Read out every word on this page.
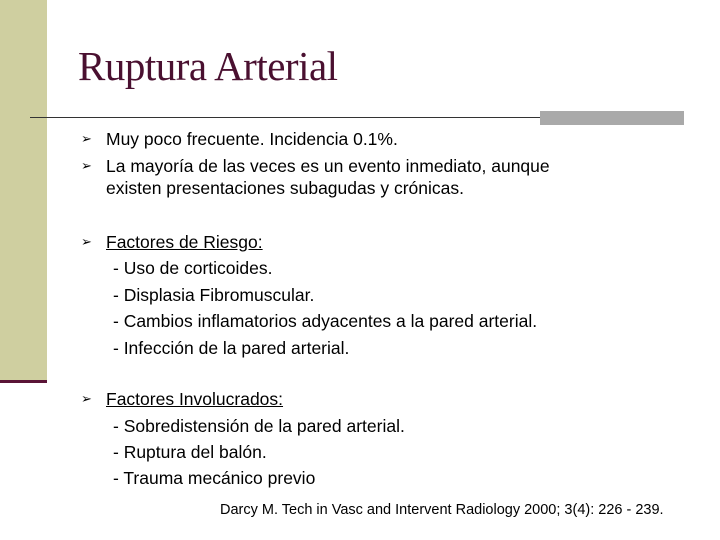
Ruptura Arterial
➢ Muy poco frecuente. Incidencia 0.1%.
➢ La mayoría de las veces es un evento inmediato, aunque
existen presentaciones subagudas y crónicas.
➢ Factores de Riesgo:
- Uso de corticoides.
- Displasia Fibromuscular.
- Cambios inflamatorios adyacentes a la pared arterial.
- Infección de la pared arterial.
➢ Factores Involucrados:
- Sobredistensión de la pared arterial.
- Ruptura del balón.
- Trauma mecánico previo
Darcy M. Tech in Vasc and Intervent Radiology 2000; 3(4): 226 - 239.
